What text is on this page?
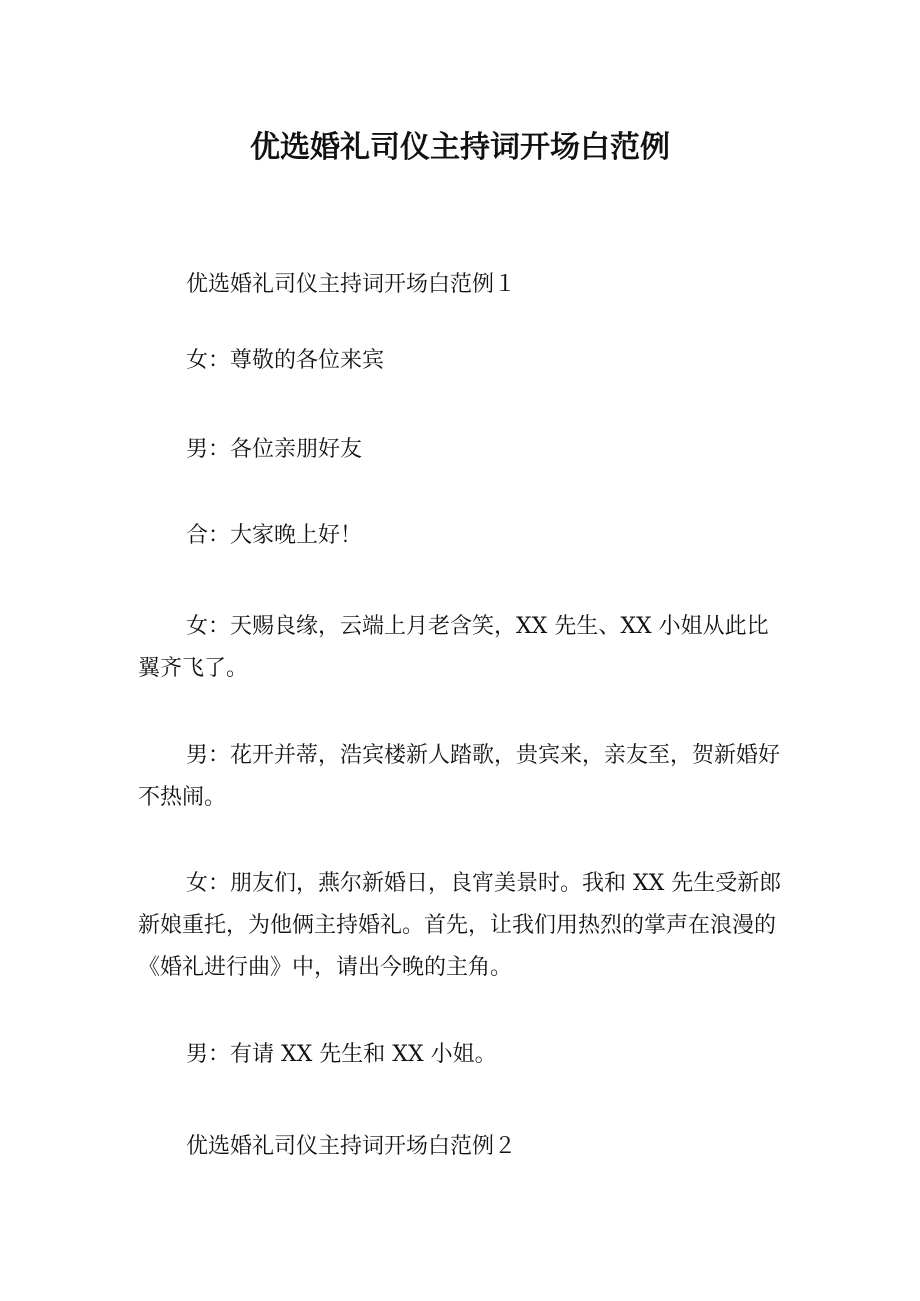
优选婚礼司仪主持词开场白范例

优选婚礼司仪主持词开场白范例１

女：尊敬的各位来宾

男：各位亲朋好友

合：大家晚上好！

女：天赐良缘，云端上月老含笑，XX 先生、XX 小姐从此比翼齐飞了。

男：花开并蒂，浩宾楼新人踏歌，贵宾来，亲友至，贺新婚好不热闹。

女：朋友们，燕尔新婚日，良宵美景时。我和 XX 先生受新郎新娘重托，为他俩主持婚礼。首先，让我们用热烈的掌声在浪漫的《婚礼进行曲》中，请出今晚的主角。

男：有请 XX 先生和 XX 小姐。

优选婚礼司仪主持词开场白范例２
